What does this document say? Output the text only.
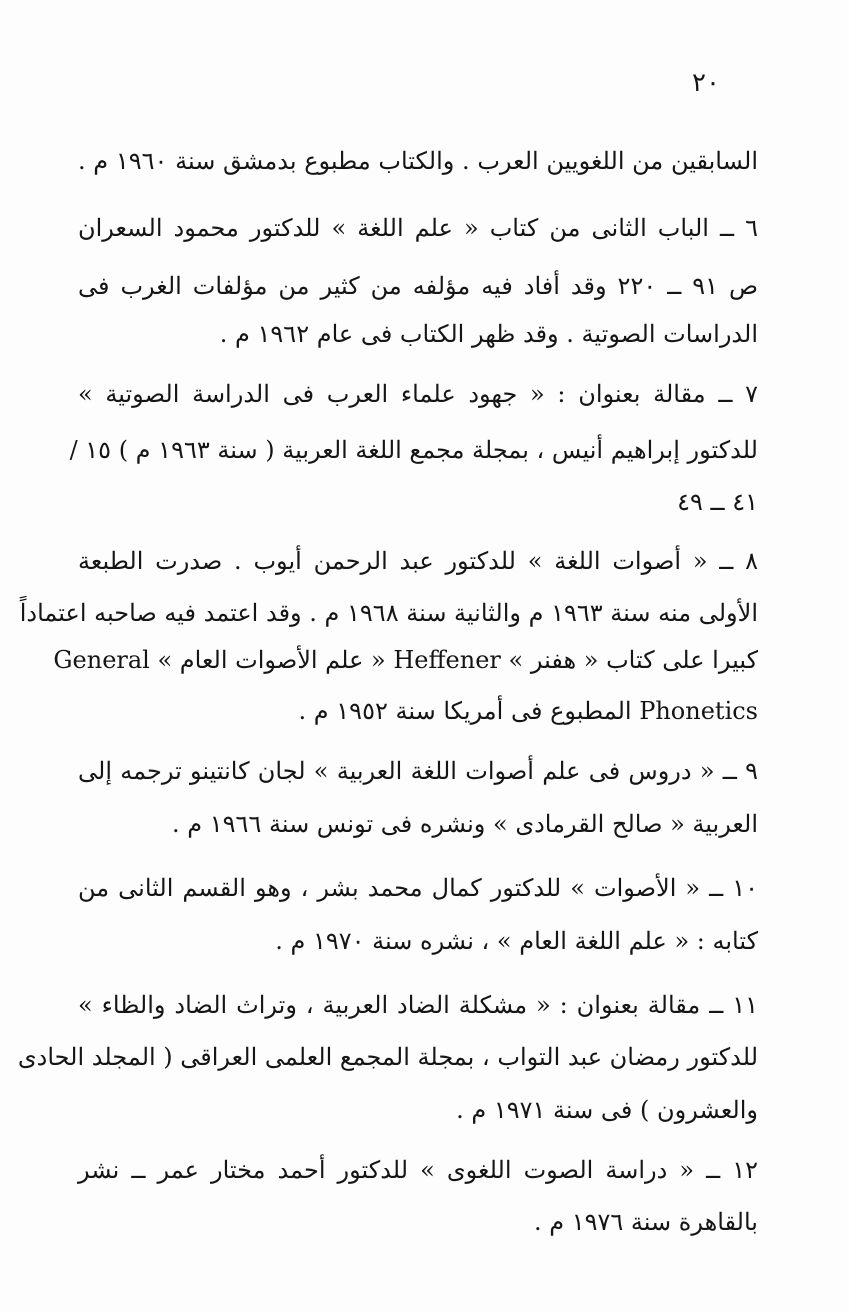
٢٠
السابقين من اللغويين العرب . والكتاب مطبوع بدمشق سنة ١٩٦٠ م .
٦ ــ الباب الثانى من كتاب « علم اللغة » للدكتور محمود السعران
ص ٩١ ــ ٢٢٠ وقد أفاد فيه مؤلفه من كثير من مؤلفات الغرب فى
الدراسات الصوتية . وقد ظهر الكتاب فى عام ١٩٦٢ م .
٧ ــ مقالة بعنوان : « جهود علماء العرب فى الدراسة الصوتية »
للدكتور إبراهيم أنيس ، بمجلة مجمع اللغة العربية ( سنة ١٩٦٣ م ) ١٥ /
٤١ ــ ٤٩
٨ ــ « أصوات اللغة » للدكتور عبد الرحمن أيوب . صدرت الطبعة
الأولى منه سنة ١٩٦٣ م والثانية سنة ١٩٦٨ م . وقد اعتمد فيه صاحبه اعتماداً
كبيرا على كتاب « هفنر » Heffener « علم الأصوات العام » General
Phonetics المطبوع فى أمريكا سنة ١٩٥٢ م .
٩ ــ « دروس فى علم أصوات اللغة العربية » لجان كانتينو ترجمه إلى
العربية « صالح القرمادى » ونشره فى تونس سنة ١٩٦٦ م .
١٠ ــ « الأصوات » للدكتور كمال محمد بشر ، وهو القسم الثانى من
كتابه : « علم اللغة العام » ، نشره سنة ١٩٧٠ م .
١١ ــ مقالة بعنوان : « مشكلة الضاد العربية ، وتراث الضاد والظاء »
للدكتور رمضان عبد التواب ، بمجلة المجمع العلمى العراقى ( المجلد الحادى
والعشرون ) فى سنة ١٩٧١ م .
١٢ ــ « دراسة الصوت اللغوى » للدكتور أحمد مختار عمر ــ نشر
بالقاهرة سنة ١٩٧٦ م .
